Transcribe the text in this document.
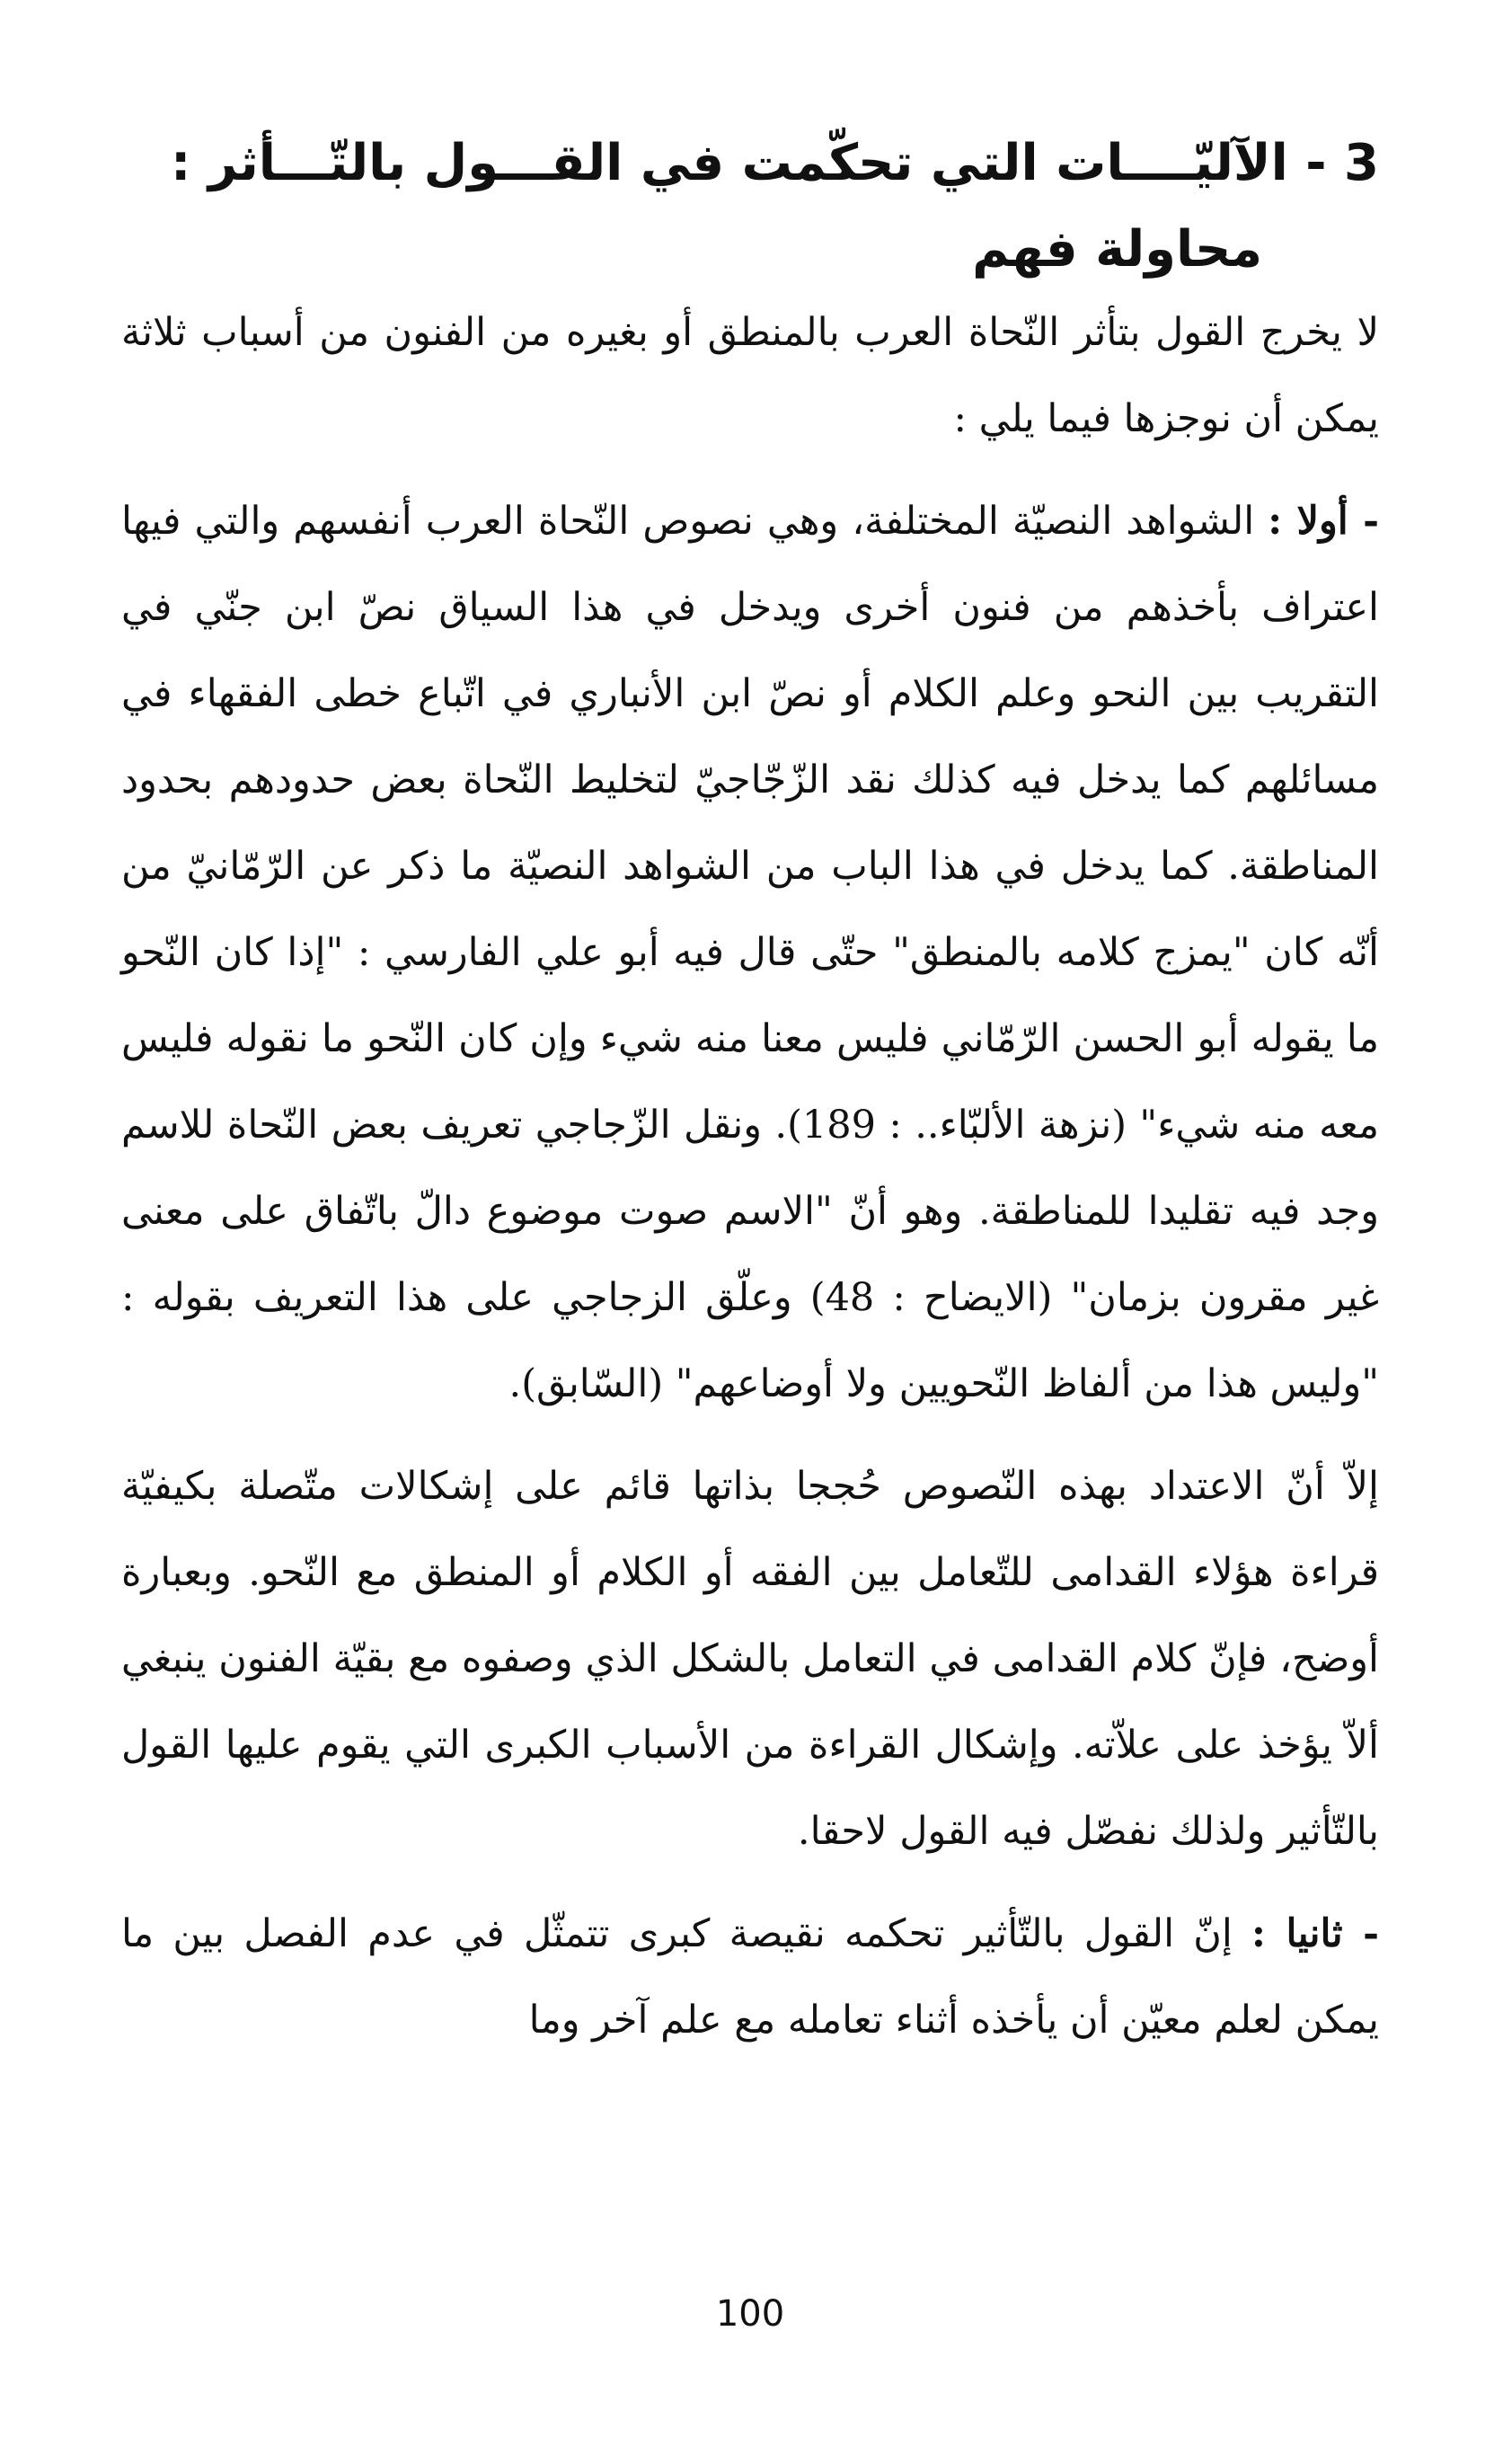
3 - الآليّــــات التي تحكّمت في القـــول بالتّـــأثر :
محاولة فهم

لا يخرج القول بتأثر النّحاة العرب بالمنطق أو بغيره من الفنون من أسباب ثلاثة يمكن أن نوجزها فيما يلي :

- أولا : الشواهد النصيّة المختلفة، وهي نصوص النّحاة العرب أنفسهم والتي فيها اعتراف بأخذهم من فنون أخرى ويدخل في هذا السياق نصّ ابن جنّي في التقريب بين النحو وعلم الكلام أو نصّ ابن الأنباري في اتّباع خطى الفقهاء في مسائلهم كما يدخل فيه كذلك نقد الزّجّاجيّ لتخليط النّحاة بعض حدودهم بحدود المناطقة. كما يدخل في هذا الباب من الشواهد النصيّة ما ذكر عن الرّمّانيّ من أنّه كان "يمزج كلامه بالمنطق" حتّى قال فيه أبو علي الفارسي : "إذا كان النّحو ما يقوله أبو الحسن الرّمّاني فليس معنا منه شيء وإن كان النّحو ما نقوله فليس معه منه شيء" (نزهة الألبّاء.. : 189). ونقل الزّجاجي تعريف بعض النّحاة للاسم وجد فيه تقليدا للمناطقة. وهو أنّ "الاسم صوت موضوع دالّ باتّفاق على معنى غير مقرون بزمان" (الايضاح : 48) وعلّق الزجاجي على هذا التعريف بقوله : "وليس هذا من ألفاظ النّحويين ولا أوضاعهم" (السّابق).

إلاّ أنّ الاعتداد بهذه النّصوص حُججا بذاتها قائم على إشكالات متّصلة بكيفيّة قراءة هؤلاء القدامى للتّعامل بين الفقه أو الكلام أو المنطق مع النّحو. وبعبارة أوضح، فإنّ كلام القدامى في التعامل بالشكل الذي وصفوه مع بقيّة الفنون ينبغي ألاّ يؤخذ على علاّته. وإشكال القراءة من الأسباب الكبرى التي يقوم عليها القول بالتّأثير ولذلك نفصّل فيه القول لاحقا.

- ثانيا : إنّ القول بالتّأثير تحكمه نقيصة كبرى تتمثّل في عدم الفصل بين ما يمكن لعلم معيّن أن يأخذه أثناء تعامله مع علم آخر وما

100
